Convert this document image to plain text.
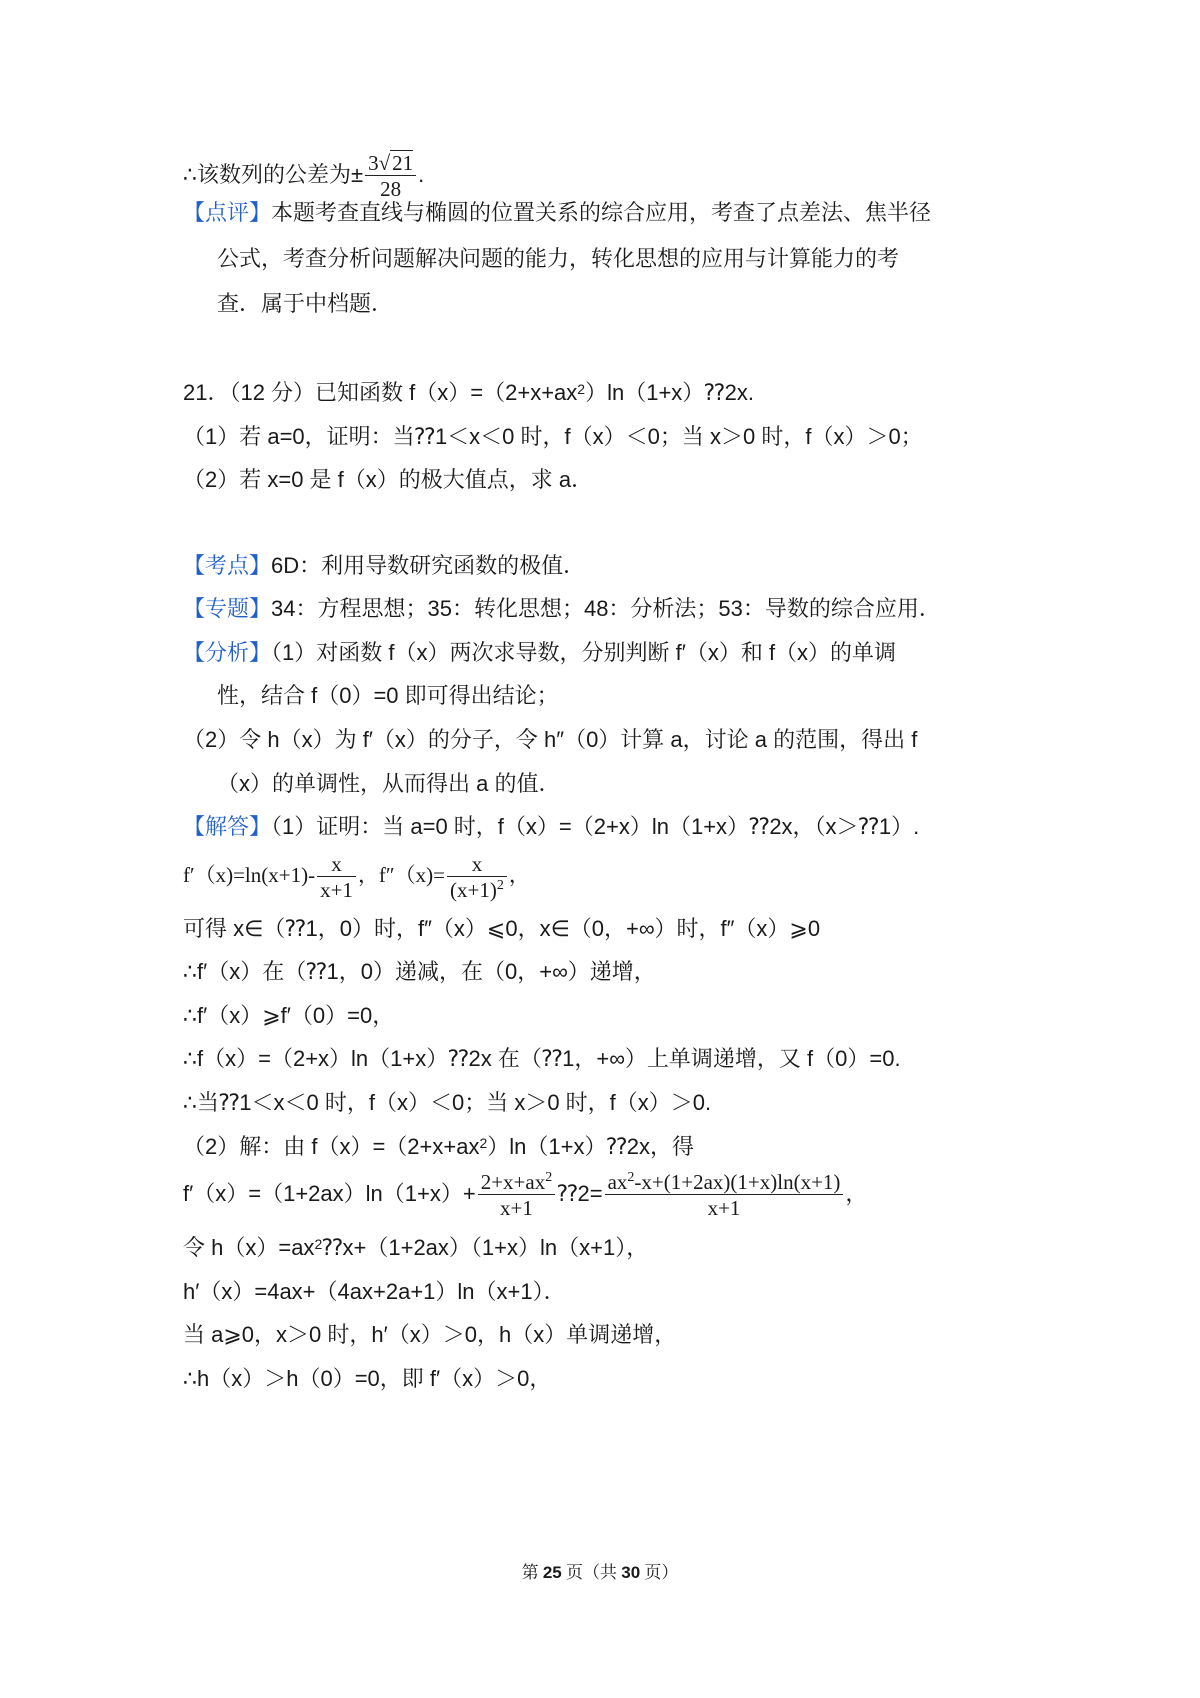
∴该数列的公差为± $\frac{3√21}{28}$ .
【点评】本题考查直线与椭圆的位置关系的综合应用，考查了点差法、焦半径
公式，考查分析问题解决问题的能力，转化思想的应用与计算能力的考
查．属于中档题．
21．（12 分）已知函数 $f(x)=(2+x+ax^2)\ln(1+x)⁇2x$.
（1）若 a=0，证明：当⁇1＜x＜0 时，f（x）＜0；当 x＞0 时，f（x）＞0；
（2）若 x=0 是 f（x）的极大值点，求 a．
【考点】6D：利用导数研究函数的极值．
【专题】34：方程思想；35：转化思想；48：分析法；53：导数的综合应用．
【分析】（1）对函数 f（x）两次求导数，分别判断 f′（x）和 f（x）的单调
性，结合 f（0）=0 即可得出结论；
（2）令 h（x）为 f′（x）的分子，令 h″（0）计算 a，讨论 a 的范围，得出 f
（x）的单调性，从而得出 a 的值．
【解答】（1）证明：当 a=0 时，f（x）=（2+x）ln（1+x）⁇2x，（x＞⁇1）.
$f'(x)=\ln(x+1)- \frac{x}{x+1}$ ，$f''(x)= \frac{x}{(x+1)^2}$ ，
可得 x∈（⁇1，0）时，f″（x）⩽0，x∈（0，+∞）时，f″（x）⩾0
∴f′（x）在（⁇1，0）递减，在（0，+∞）递增，
∴f′（x）⩾f′（0）=0，
∴f（x）=（2+x）ln（1+x）⁇2x 在（⁇1，+∞）上单调递增，又 f（0）=0.
∴当⁇1＜x＜0 时，f（x）＜0；当 x＞0 时，f（x）＞0.
（2）解：由 $f(x)=(2+x+ax^2)\ln(1+x)⁇2x$，得
$f'(x)=(1+2ax)\ln(1+x)+ \frac{2+x+ax^2}{x+1}$ ⁇2= $\frac{ax^2-x+(1+2ax)(1+x)\ln(x+1)}{x+1}$ ，
令 $h(x)=ax^2⁇x+(1+2ax)(1+x)\ln(x+1)$，
h′（x）=4ax+（4ax+2a+1）ln（x+1）．
当 a⩾0，x＞0 时，h′（x）＞0，h（x）单调递增，
∴h（x）＞h（0）=0，即 f′（x）＞0，
第 25 页（共 30 页）
